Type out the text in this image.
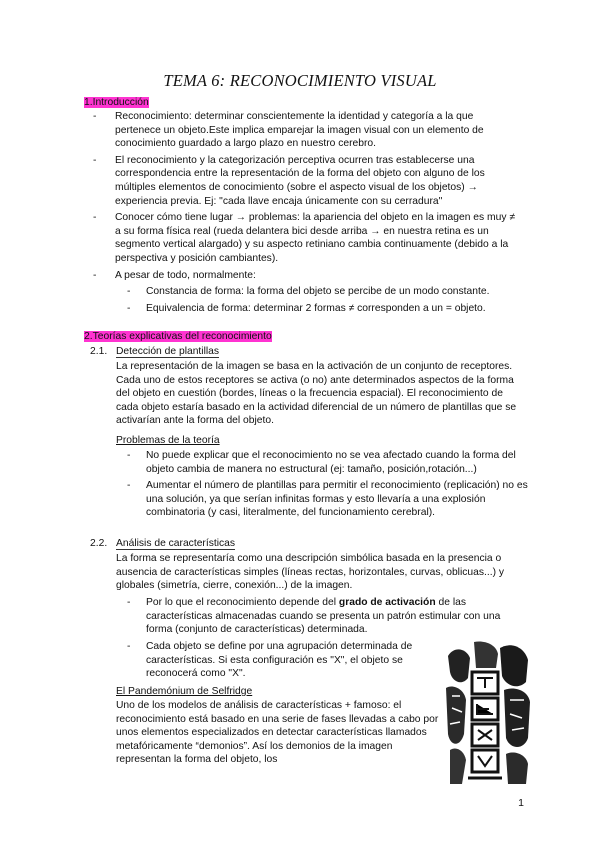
TEMA 6: RECONOCIMIENTO VISUAL
1.Introducción
- Reconocimiento: determinar conscientemente la identidad y categoría a la que pertenece un objeto.Este implica emparejar la imagen visual con un elemento de conocimiento guardado a largo plazo en nuestro cerebro.
- El reconocimiento y la categorización perceptiva ocurren tras establecerse una correspondencia entre la representación de la forma del objeto con alguno de los múltiples elementos de conocimiento (sobre el aspecto visual de los objetos) → experiencia previa. Ej: "cada llave encaja únicamente con su cerradura"
- Conocer cómo tiene lugar → problemas: la apariencia del objeto en la imagen es muy ≠ a su forma física real (rueda delantera bici desde arriba → en nuestra retina es un segmento vertical alargado) y su aspecto retiniano cambia continuamente (debido a la perspectiva y posición cambiantes).
- A pesar de todo, normalmente:
- Constancia de forma: la forma del objeto se percibe de un modo constante.
- Equivalencia de forma: determinar 2 formas ≠ corresponden a un = objeto.
2.Teorías explicativas del reconocimiento
2.1. Detección de plantillas
La representación de la imagen se basa en la activación de un conjunto de receptores. Cada uno de estos receptores se activa (o no) ante determinados aspectos de la forma del objeto en cuestión (bordes, líneas o la frecuencia espacial). El reconocimiento de cada objeto estaría basado en la actividad diferencial de un número de plantillas que se activarían ante la forma del objeto.
Problemas de la teoría
- No puede explicar que el reconocimiento no se vea afectado cuando la forma del objeto cambia de manera no estructural (ej: tamaño, posición,rotación...)
- Aumentar el número de plantillas para permitir el reconocimiento (replicación) no es una solución, ya que serían infinitas formas y esto llevaría a una explosión combinatoria (y casi, literalmente, del funcionamiento cerebral).
2.2. Análisis de características
La forma se representaría como una descripción simbólica basada en la presencia o ausencia de características simples (líneas rectas, horizontales, curvas, oblicuas...) y globales (simetría, cierre, conexión...) de la imagen.
- Por lo que el reconocimiento depende del grado de activación de las características almacenadas cuando se presenta un patrón estimular con una forma (conjunto de características) determinada.
- Cada objeto se define por una agrupación determinada de características. Si esta configuración es "X", el objeto se reconocerá como "X".
El Pandemónium de Selfridge
Uno de los modelos de análisis de características + famoso: el reconocimiento está basado en una serie de fases llevadas a cabo por unos elementos especializados en detectar características llamados metafóricamente “demonios”. Así los demonios de la imagen representan la forma del objeto, los
1
